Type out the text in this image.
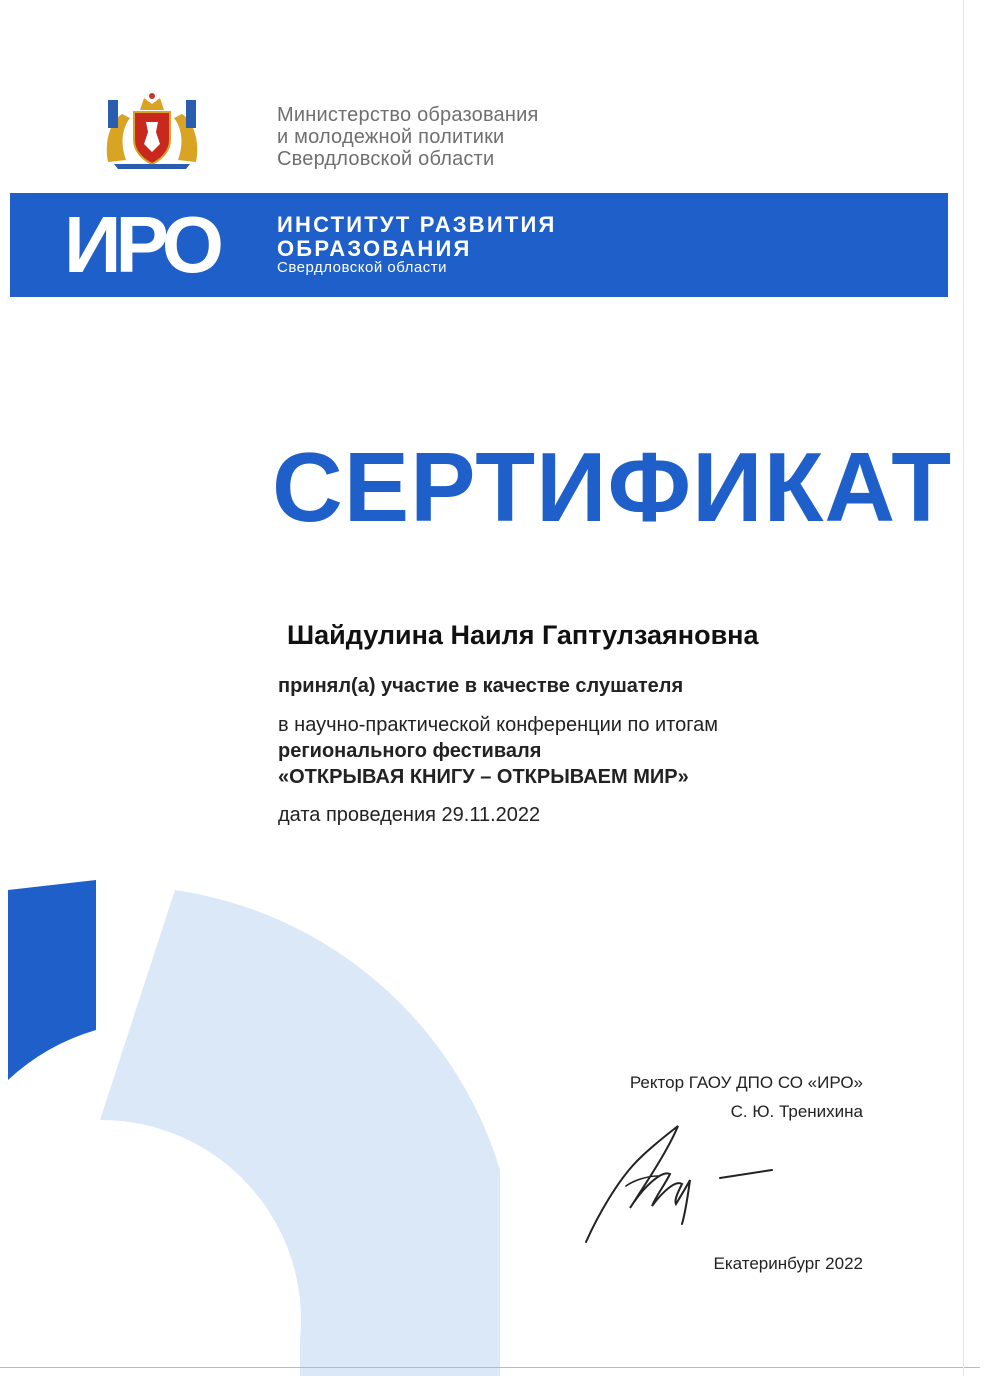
Министерство образования
и молодежной политики
Свердловской области
ИРО	ИНСТИТУТ РАЗВИТИЯ
ОБРАЗОВАНИЯ
Свердловской области
СЕРТИФИКАТ
Шайдулина Наиля Гаптулзаяновна
принял(а) участие в качестве слушателя
в научно-практической конференции по итогам
регионального фестиваля
«ОТКРЫВАЯ КНИГУ – ОТКРЫВАЕМ МИР»
дата проведения 29.11.2022
Ректор ГАОУ ДПО СО «ИРО»
С. Ю. Тренихина
Екатеринбург 2022
